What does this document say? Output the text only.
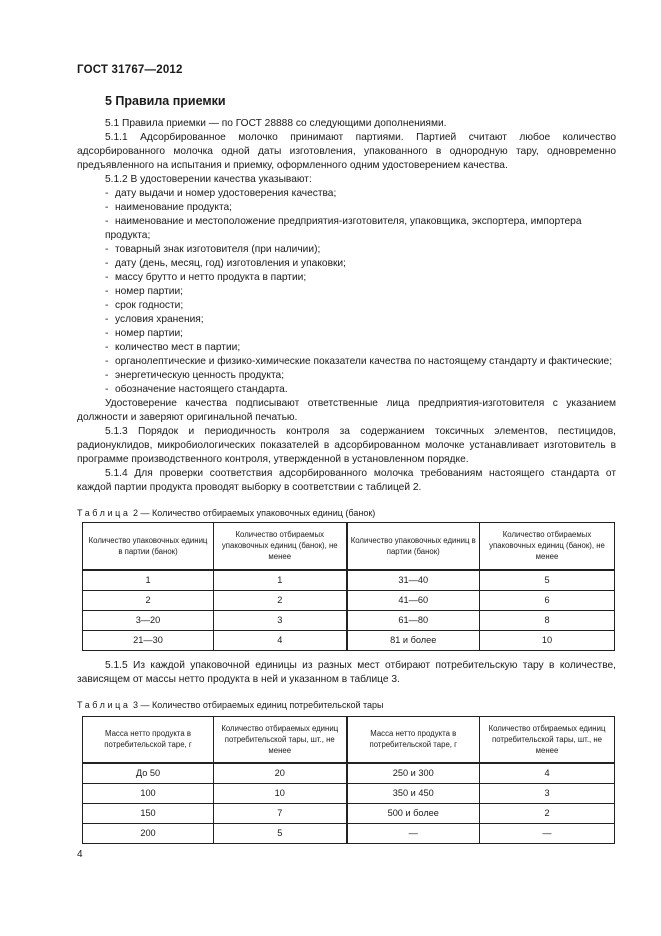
ГОСТ 31767—2012
5 Правила приемки

5.1 Правила приемки — по ГОСТ 28888 со следующими дополнениями.

5.1.1 Адсорбированное молочко принимают партиями. Партией считают любое количество адсорбированного молочка одной даты изготовления, упакованного в однородную тару, одновременно предъявленного на испытания и приемку, оформленного одним удостоверением качества.

5.1.2 В удостоверении качества указывают:

- дату выдачи и номер удостоверения качества;

- наименование продукта;

- наименование и местоположение предприятия-изготовителя, упаковщика, экспортера, импортера продукта;

- товарный знак изготовителя (при наличии);

- дату (день, месяц, год) изготовления и упаковки;

- массу брутто и нетто продукта в партии;

- номер партии;

- срок годности;

- условия хранения;

- номер партии;

- количество мест в партии;

- органолептические и физико-химические показатели качества по настоящему стандарту и фактические;

- энергетическую ценность продукта;

- обозначение настоящего стандарта.

Удостоверение качества подписывают ответственные лица предприятия-изготовителя с указанием должности и заверяют оригинальной печатью.

5.1.3 Порядок и периодичность контроля за содержанием токсичных элементов, пестицидов, радионуклидов, микробиологических показателей в адсорбированном молочке устанавливает изготовитель в программе производственного контроля, утвержденной в установленном порядке.

5.1.4 Для проверки соответствия адсорбированного молочка требованиям настоящего стандарта от каждой партии продукта проводят выборку в соответствии с таблицей 2.

Таблица 2 — Количество отбираемых упаковочных единиц (банок)
Количество упаковочных единиц в партии (банок)	Количество отбираемых упаковочных единиц (банок), не менее	Количество упаковочных единиц в партии (банок)	Количество отбираемых упаковочных единиц (банок), не менее
1	1	31—40	5
2	2	41—60	6
3—20	3	61—80	8
21—30	4	81 и более	10

5.1.5 Из каждой упаковочной единицы из разных мест отбирают потребительскую тару в количестве, зависящем от массы нетто продукта в ней и указанном в таблице 3.

Таблица 3 — Количество отбираемых единиц потребительской тары
Масса нетто продукта в потребительской таре, г	Количество отбираемых единиц потребительской тары, шт., не менее	Масса нетто продукта в потребительской таре, г	Количество отбираемых единиц потребительской тары, шт., не менее
До 50	20	250 и 300	4
100	10	350 и 450	3
150	7	500 и более	2
200	5	—	—
4
